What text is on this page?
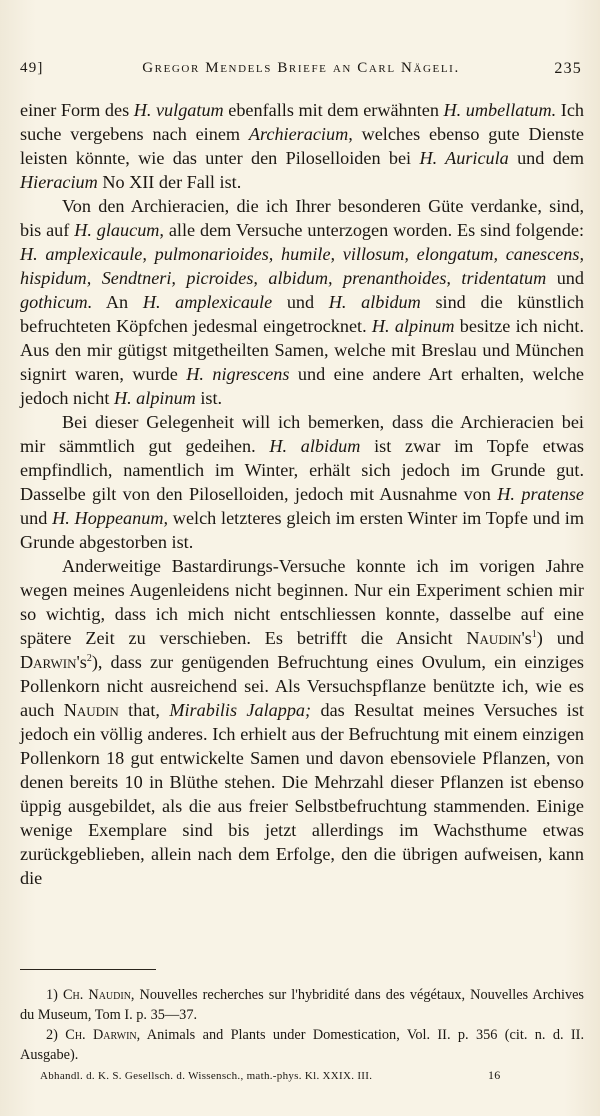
49]	Gregor Mendels Briefe an Carl Nägeli.	235

einer Form des H. vulgatum ebenfalls mit dem erwähnten H. umbellatum. Ich suche vergebens nach einem Archieracium, welches ebenso gute Dienste leisten könnte, wie das unter den Piloselloiden bei H. Auricula und dem Hieracium No XII der Fall ist.

Von den Archieracien, die ich Ihrer besonderen Güte verdanke, sind, bis auf H. glaucum, alle dem Versuche unterzogen worden. Es sind folgende: H. amplexicaule, pulmonarioides, humile, villosum, elongatum, canescens, hispidum, Sendtneri, picroides, albidum, prenanthoides, tridentatum und gothicum. An H. amplexicaule und H. albidum sind die künstlich befruchteten Köpfchen jedesmal eingetrocknet. H. alpinum besitze ich nicht. Aus den mir gütigst mitgetheilten Samen, welche mit Breslau und München signirt waren, wurde H. nigrescens und eine andere Art erhalten, welche jedoch nicht H. alpinum ist.

Bei dieser Gelegenheit will ich bemerken, dass die Archieracien bei mir sämmtlich gut gedeihen. H. albidum ist zwar im Topfe etwas empfindlich, namentlich im Winter, erhält sich jedoch im Grunde gut. Dasselbe gilt von den Piloselloiden, jedoch mit Ausnahme von H. pratense und H. Hoppeanum, welch letzteres gleich im ersten Winter im Topfe und im Grunde abgestorben ist.

Anderweitige Bastardirungs-Versuche konnte ich im vorigen Jahre wegen meines Augenleidens nicht beginnen. Nur ein Experiment schien mir so wichtig, dass ich mich nicht entschliessen konnte, dasselbe auf eine spätere Zeit zu verschieben. Es betrifft die Ansicht $Naudin's^1$) und $Darwin's^2$), dass zur genügenden Befruchtung eines Ovulum, ein einziges Pollenkorn nicht ausreichend sei. Als Versuchspflanze benützte ich, wie es auch Naudin that, Mirabilis Jalappa; das Resultat meines Versuches ist jedoch ein völlig anderes. Ich erhielt aus der Befruchtung mit einem einzigen Pollenkorn 18 gut entwickelte Samen und davon ebensoviele Pflanzen, von denen bereits 10 in Blüthe stehen. Die Mehrzahl dieser Pflanzen ist ebenso üppig ausgebildet, als die aus freier Selbstbefruchtung stammenden. Einige wenige Exemplare sind bis jetzt allerdings im Wachsthume etwas zurückgeblieben, allein nach dem Erfolge, den die übrigen aufweisen, kann die

1) Ch. Naudin, Nouvelles recherches sur l'hybridité dans des végétaux, Nouvelles Archives du Museum, Tom I. p. 35—37.

2) Ch. Darwin, Animals and Plants under Domestication, Vol. II. p. 356 (cit. n. d. II. Ausgabe).

Abhandl. d. K. S. Gesellsch. d. Wissensch., math.-phys. Kl. XXIX. III.	16
